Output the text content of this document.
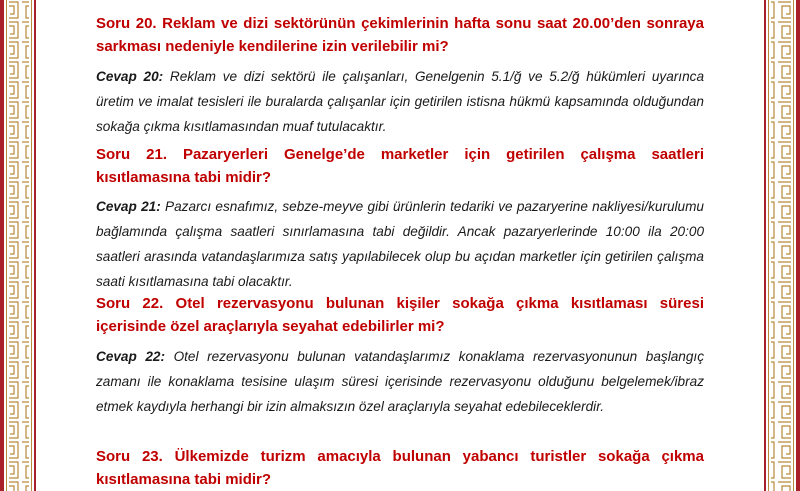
Soru 20. Reklam ve dizi sektörünün çekimlerinin hafta sonu saat 20.00’den sonraya sarkması nedeniyle kendilerine izin verilebilir mi?
Cevap 20: Reklam ve dizi sektörü ile çalışanları, Genelgenin 5.1/ğ ve 5.2/ğ hükümleri uyarınca üretim ve imalat tesisleri ile buralarda çalışanlar için getirilen istisna hükmü kapsamında olduğundan sokağa çıkma kısıtlamasından muaf tutulacaktır.
Soru 21. Pazaryerleri Genelge’de marketler için getirilen çalışma saatleri kısıtlamasına tabi midir?
Cevap 21: Pazarcı esnafımız, sebze-meyve gibi ürünlerin tedariki ve pazaryerine nakliyesi/kurulumu bağlamında çalışma saatleri sınırlamasına tabi değildir. Ancak pazaryerlerinde 10:00 ila 20:00 saatleri arasında vatandaşlarımıza satış yapılabilecek olup bu açıdan marketler için getirilen çalışma saati kısıtlamasına tabi olacaktır.
Soru 22. Otel rezervasyonu bulunan kişiler sokağa çıkma kısıtlaması süresi içerisinde özel araçlarıyla seyahat edebilirler mi?
Cevap 22: Otel rezervasyonu bulunan vatandaşlarımız konaklama rezervasyonunun başlangıç zamanı ile konaklama tesisine ulaşım süresi içerisinde rezervasyonu olduğunu belgelemek/ibraz etmek kaydıyla herhangi bir izin almaksızın özel araçlarıyla seyahat edebileceklerdir.
Soru 23. Ülkemizde turizm amacıyla bulunan yabancı turistler sokağa çıkma kısıtlamasına tabi midir?
